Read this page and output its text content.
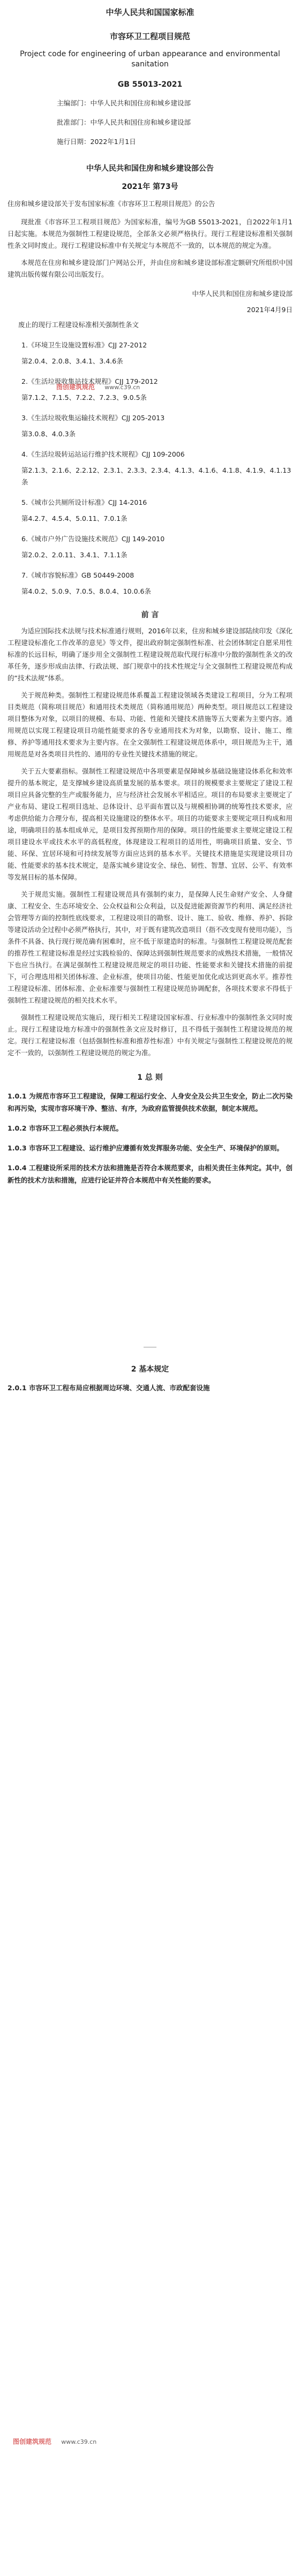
中华人民共和国国家标准
市容环卫工程项目规范
Project code for engineering of urban appearance and environmental sanitation
GB 55013-2021
主编部门：中华人民共和国住房和城乡建设部
批准部门：中华人民共和国住房和城乡建设部
施行日期：2022年1月1日
中华人民共和国住房和城乡建设部公告
2021年 第73号

住房和城乡建设部关于发布国家标准《市容环卫工程项目规范》的公告

现批准《市容环卫工程项目规范》为国家标准，编号为GB 55013-2021，自2022年1月1日起实施。本规范为强制性工程建设规范，全部条文必须严格执行。现行工程建设标准相关强制性条文同时废止。现行工程建设标准中有关规定与本规范不一致的，以本规范的规定为准。

本规范在住房和城乡建设部门户网站公开，并由住房和城乡建设部标准定额研究所组织中国建筑出版传媒有限公司出版发行。

中华人民共和国住房和城乡建设部
2021年4月9日
废止的现行工程建设标准相关强制性条文
1.《环境卫生设施设置标准》CJJ 27-2012
第2.0.4、2.0.8、3.4.1、3.4.6条
2.《生活垃圾收集站技术规程》CJJ 179-2012
第7.1.2、7.1.5、7.2.2、7.2.3、9.0.5条
3.《生活垃圾收集运输技术规程》CJJ 205-2013
第3.0.8、4.0.3条
4.《生活垃圾转运站运行维护技术规程》CJJ 109-2006
第2.1.3、2.1.6、2.2.12、2.3.1、2.3.3、2.3.4、4.1.3、4.1.6、4.1.8、4.1.9、4.1.13条
5.《城市公共厕所设计标准》CJJ 14-2016
第4.2.7、4.5.4、5.0.11、7.0.1条
6.《城市户外广告设施技术规范》CJJ 149-2010
第2.0.2、2.0.11、3.4.1、7.1.1条
7.《城市容貌标准》GB 50449-2008
第4.0.2、5.0.9、7.0.5、8.0.4、10.0.6条
前 言

为适应国际技术法规与技术标准通行规则，2016年以来，住房和城乡建设部陆续印发《深化工程建设标准化工作改革的意见》等文件，提出政府制定强制性标准、社会团体制定自愿采用性标准的长远目标，明确了逐步用全文强制性工程建设规范取代现行标准中分散的强制性条文的改革任务，逐步形成由法律、行政法规、部门规章中的技术性规定与全文强制性工程建设规范构成的“技术法规”体系。

关于规范种类。强制性工程建设规范体系覆盖工程建设领域各类建设工程项目，分为工程项目类规范（简称项目规范）和通用技术类规范（简称通用规范）两种类型。项目规范以工程建设项目整体为对象，以项目的规模、布局、功能、性能和关键技术措施等五大要素为主要内容。通用规范以实现工程建设项目功能性能要求的各专业通用技术为对象，以勘察、设计、施工、维修、养护等通用技术要求为主要内容。在全文强制性工程建设规范体系中，项目规范为主干，通用规范是对各类项目共性的、通用的专业性关键技术措施的规定。

关于五大要素指标。强制性工程建设规范中各项要素是保障城乡基础设施建设体系化和效率提升的基本规定，是支撑城乡建设高质量发展的基本要求。项目的规模要求主要规定了建设工程项目应具备完整的生产或服务能力，应与经济社会发展水平相适应。项目的布局要求主要规定了产业布局、建设工程项目选址、总体设计、总平面布置以及与规模相协调的统筹性技术要求，应考虑供给能力合理分布，提高相关设施建设的整体水平。项目的功能要求主要规定项目构成和用途，明确项目的基本组成单元，是项目发挥预期作用的保障。项目的性能要求主要规定建设工程项目建设水平或技术水平的高低程度，体现建设工程项目的适用性，明确项目质量、安全、节能、环保、宜居环境和可持续发展等方面应达到的基本水平。关键技术措施是实现建设项目功能、性能要求的基本技术规定，是落实城乡建设安全、绿色、韧性、智慧、宜居、公平、有效率等发展目标的基本保障。

关于规范实施。强制性工程建设规范具有强制约束力，是保障人民生命财产安全、人身健康、工程安全、生态环境安全、公众权益和公众利益，以及促进能源资源节约利用、满足经济社会管理等方面的控制性底线要求，工程建设项目的勘察、设计、施工、验收、维修、养护、拆除等建设活动全过程中必须严格执行，其中，对于既有建筑改造项目（指不改变现有使用功能），当条件不具备、执行现行规范确有困难时，应不低于原建造时的标准。与强制性工程建设规范配套的推荐性工程建设标准是经过实践检验的、保障达到强制性规范要求的成熟技术措施，一般情况下也应当执行。在满足强制性工程建设规范规定的项目功能、性能要求和关键技术措施的前提下，可合理选用相关团体标准、企业标准，使项目功能、性能更加优化或达到更高水平。推荐性工程建设标准、团体标准、企业标准要与强制性工程建设规范协调配套，各项技术要求不得低于强制性工程建设规范的相关技术水平。

强制性工程建设规范实施后，现行相关工程建设国家标准、行业标准中的强制性条文同时废止。现行工程建设地方标准中的强制性条文应及时修订，且不得低于强制性工程建设规范的规定。现行工程建设标准（包括强制性标准和推荐性标准）中有关规定与强制性工程建设规范的规定不一致的，以强制性工程建设规范的规定为准。

1 总 则
1.0.1 为规范市容环卫工程建设，保障工程运行安全、人身安全及公共卫生安全，防止二次污染和再污染，实现市容环境干净、整洁、有序，为政府监管提供技术依据，制定本规范。
1.0.2 市容环卫工程必须执行本规范。
1.0.3 市容环卫工程建设、运行维护应遵循有效发挥服务功能、安全生产、环境保护的原则。
1.0.4 工程建设所采用的技术方法和措施是否符合本规范要求，由相关责任主体判定。其中，创新性的技术方法和措施，应进行论证并符合本规范中有关性能的要求。
2 基本规定
2.0.1 市容环卫工程布局应根据周边环境、交通人流、市政配套设施
图创建筑规范 www.c39.cn
图创建筑规范 www.c39.cn
